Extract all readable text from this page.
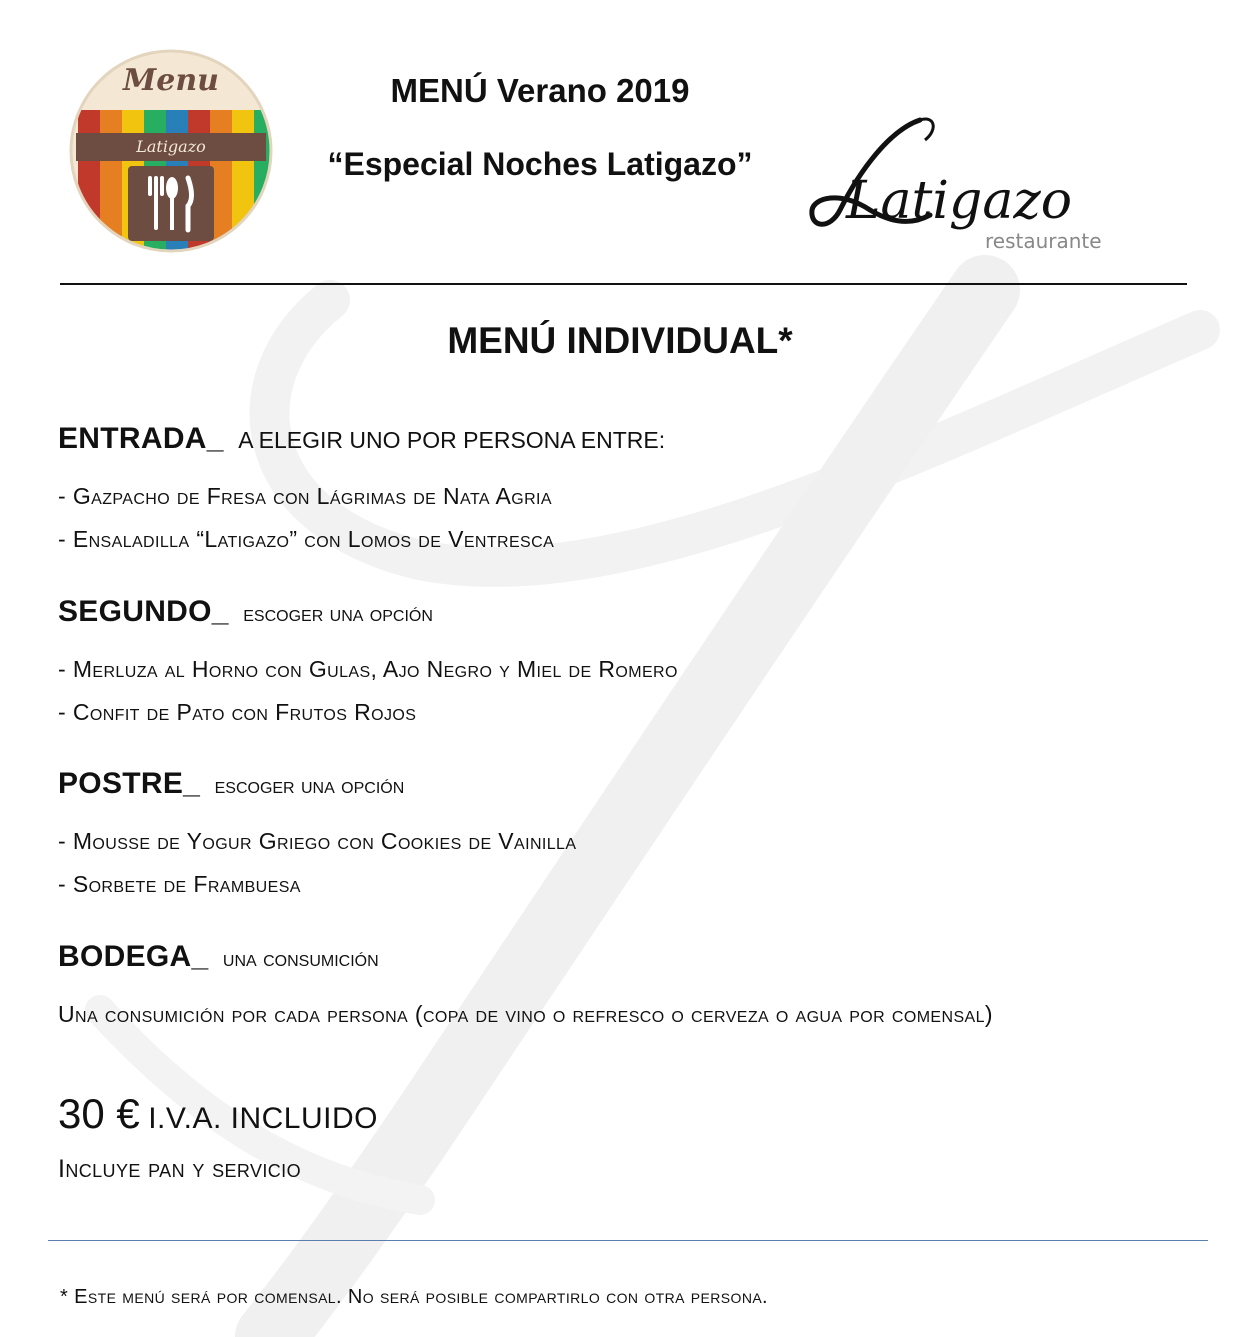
Menu
Latigazo
Latigazo
restaurante
MENÚ Verano 2019
“Especial Noches Latigazo”
MENÚ INDIVIDUAL*
ENTRADA_ A ELEGIR UNO POR PERSONA ENTRE:
- Gazpacho de Fresa con Lágrimas de Nata Agria
- Ensaladilla “Latigazo” con Lomos de Ventresca
SEGUNDO_ escoger una opción
- Merluza al Horno con Gulas, Ajo Negro y Miel de Romero
- Confit de Pato con Frutos Rojos
POSTRE_ escoger una opción
- Mousse de Yogur Griego con Cookies de Vainilla
- Sorbete de Frambuesa
BODEGA_ una consumición
Una consumición por cada persona (copa de vino o refresco o cerveza o agua por comensal)
30 € I.V.A. INCLUIDO
Incluye pan y servicio
* Este menú será por comensal. No será posible compartirlo con otra persona.
